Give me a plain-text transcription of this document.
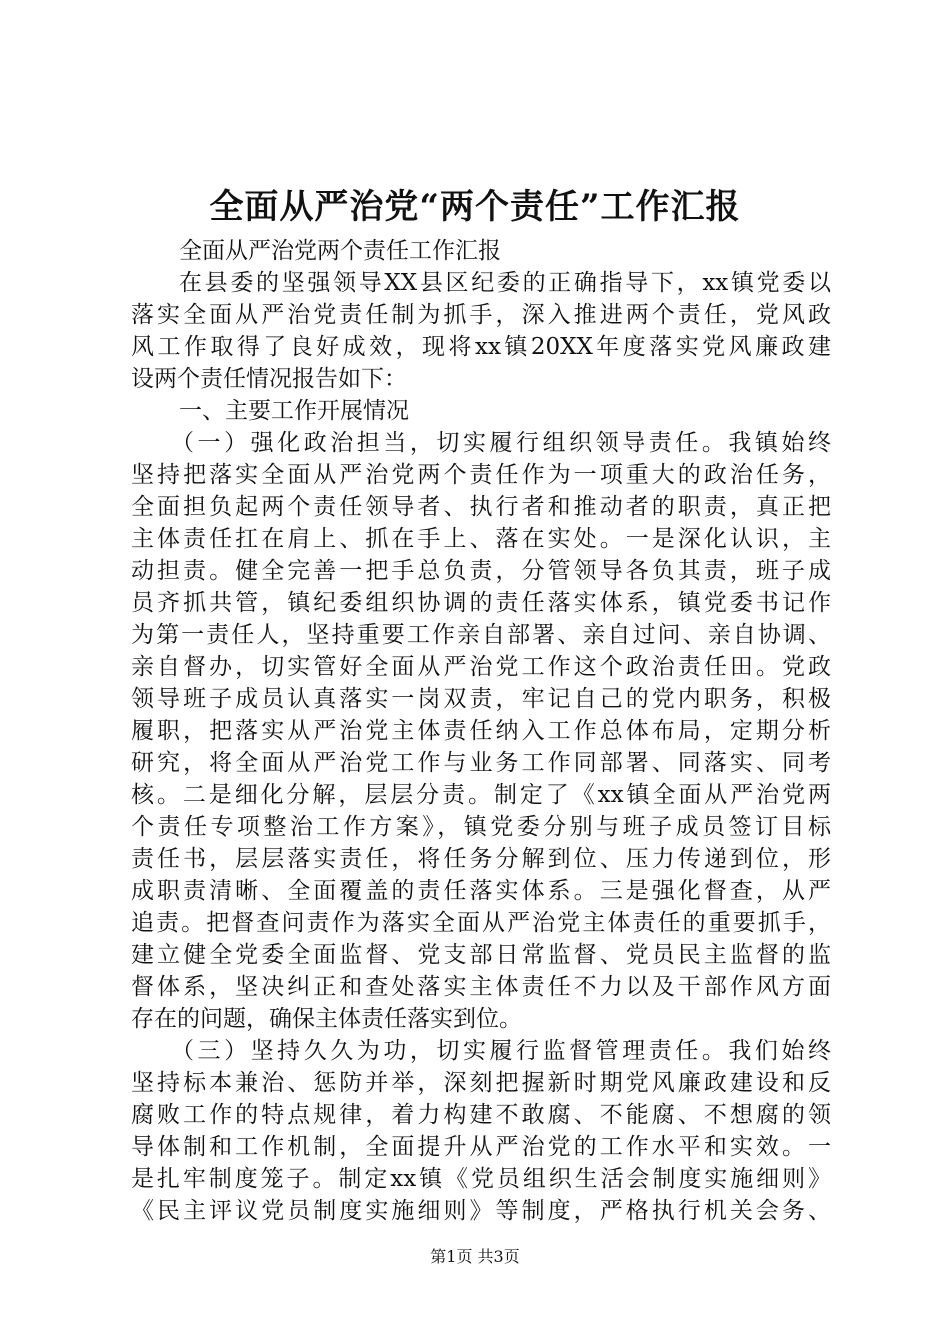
全面从严治党“两个责任”工作汇报
全面从严治党两个责任工作汇报
在县委的坚强领导XX县区纪委的正确指导下，xx镇党委以
落实全面从严治党责任制为抓手，深入推进两个责任，党风政
风工作取得了良好成效，现将xx镇20XX年度落实党风廉政建
设两个责任情况报告如下：
一、主要工作开展情况
（一）强化政治担当，切实履行组织领导责任。我镇始终
坚持把落实全面从严治党两个责任作为一项重大的政治任务，
全面担负起两个责任领导者、执行者和推动者的职责，真正把
主体责任扛在肩上、抓在手上、落在实处。一是深化认识，主
动担责。健全完善一把手总负责，分管领导各负其责，班子成
员齐抓共管，镇纪委组织协调的责任落实体系，镇党委书记作
为第一责任人，坚持重要工作亲自部署、亲自过问、亲自协调、
亲自督办，切实管好全面从严治党工作这个政治责任田。党政
领导班子成员认真落实一岗双责，牢记自己的党内职务，积极
履职，把落实从严治党主体责任纳入工作总体布局，定期分析
研究，将全面从严治党工作与业务工作同部署、同落实、同考
核。二是细化分解，层层分责。制定了《xx镇全面从严治党两
个责任专项整治工作方案》，镇党委分别与班子成员签订目标
责任书，层层落实责任，将任务分解到位、压力传递到位，形
成职责清晰、全面覆盖的责任落实体系。三是强化督查，从严
追责。把督查问责作为落实全面从严治党主体责任的重要抓手，
建立健全党委全面监督、党支部日常监督、党员民主监督的监
督体系，坚决纠正和查处落实主体责任不力以及干部作风方面
存在的问题，确保主体责任落实到位。
（三）坚持久久为功，切实履行监督管理责任。我们始终
坚持标本兼治、惩防并举，深刻把握新时期党风廉政建设和反
腐败工作的特点规律，着力构建不敢腐、不能腐、不想腐的领
导体制和工作机制，全面提升从严治党的工作水平和实效。一
是扎牢制度笼子。制定xx镇《党员组织生活会制度实施细则》
《民主评议党员制度实施细则》等制度，严格执行机关会务、
第1页 共3页
